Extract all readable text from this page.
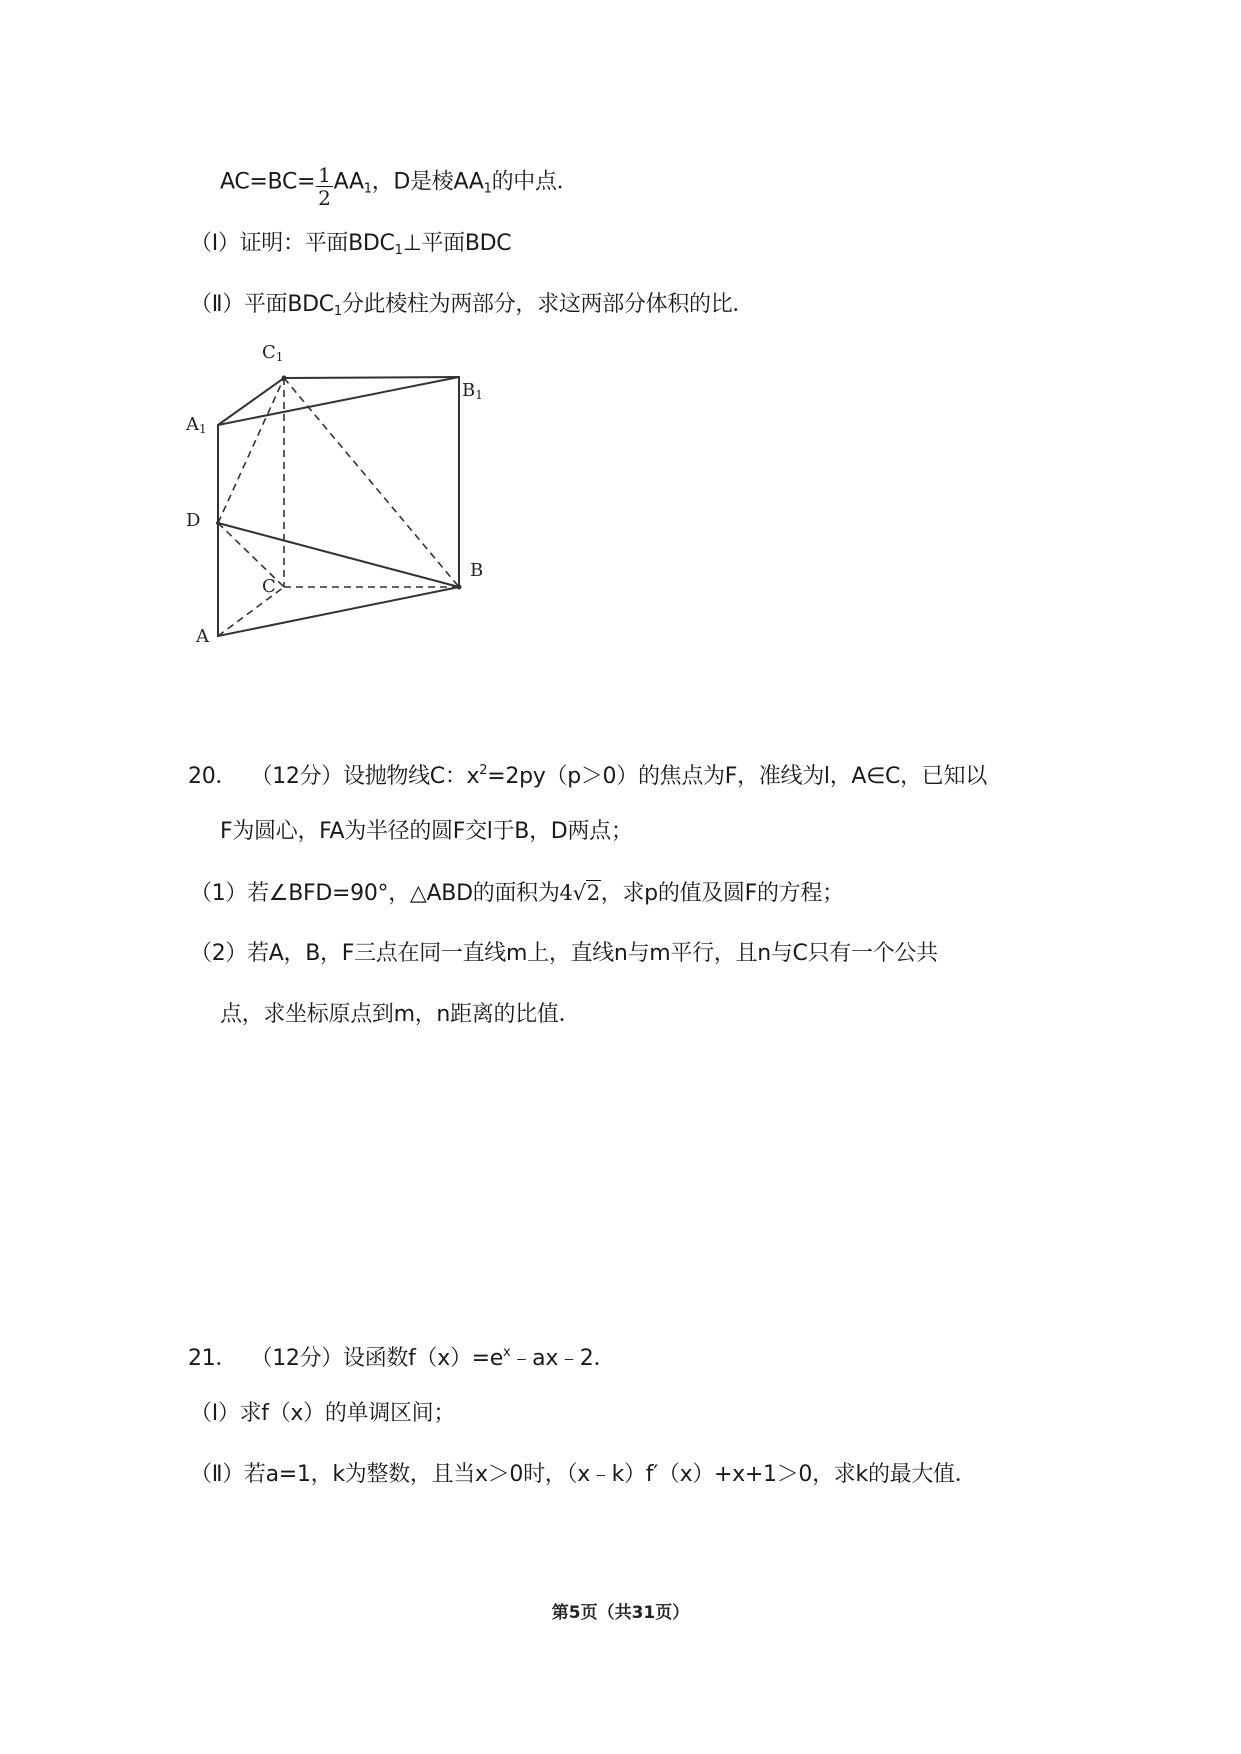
$AC=BC= \frac{1}{2} AA_1$，D是棱$AA_1$的中点．
（Ⅰ）证明：平面$BDC_1\perp$平面BDC
（Ⅱ）平面$BDC_1$分此棱柱为两部分，求这两部分体积的比．
C1
B1
A1
D
C
B
A
20． （12分）设抛物线C：$x^2=2py(p>0)$的焦点为F，准线为l，A∈C，已知以
F为圆心，FA为半径的圆F交l于B，D两点；
（1）若∠BFD=90°，△ABD的面积为4√2，求p的值及圆F的方程；
（2）若A，B，F三点在同一直线m上，直线n与m平行，且n与C只有一个公共
点，求坐标原点到m，n距离的比值．
21． （12分）设函数$f(x)=e^x﹣ax﹣2$．
（Ⅰ）求f（x）的单调区间；
（Ⅱ）若a=1，k为整数，且当x＞0时，（x﹣k）f′（x）+x+1＞0，求k的最大值．
第5页（共31页）
